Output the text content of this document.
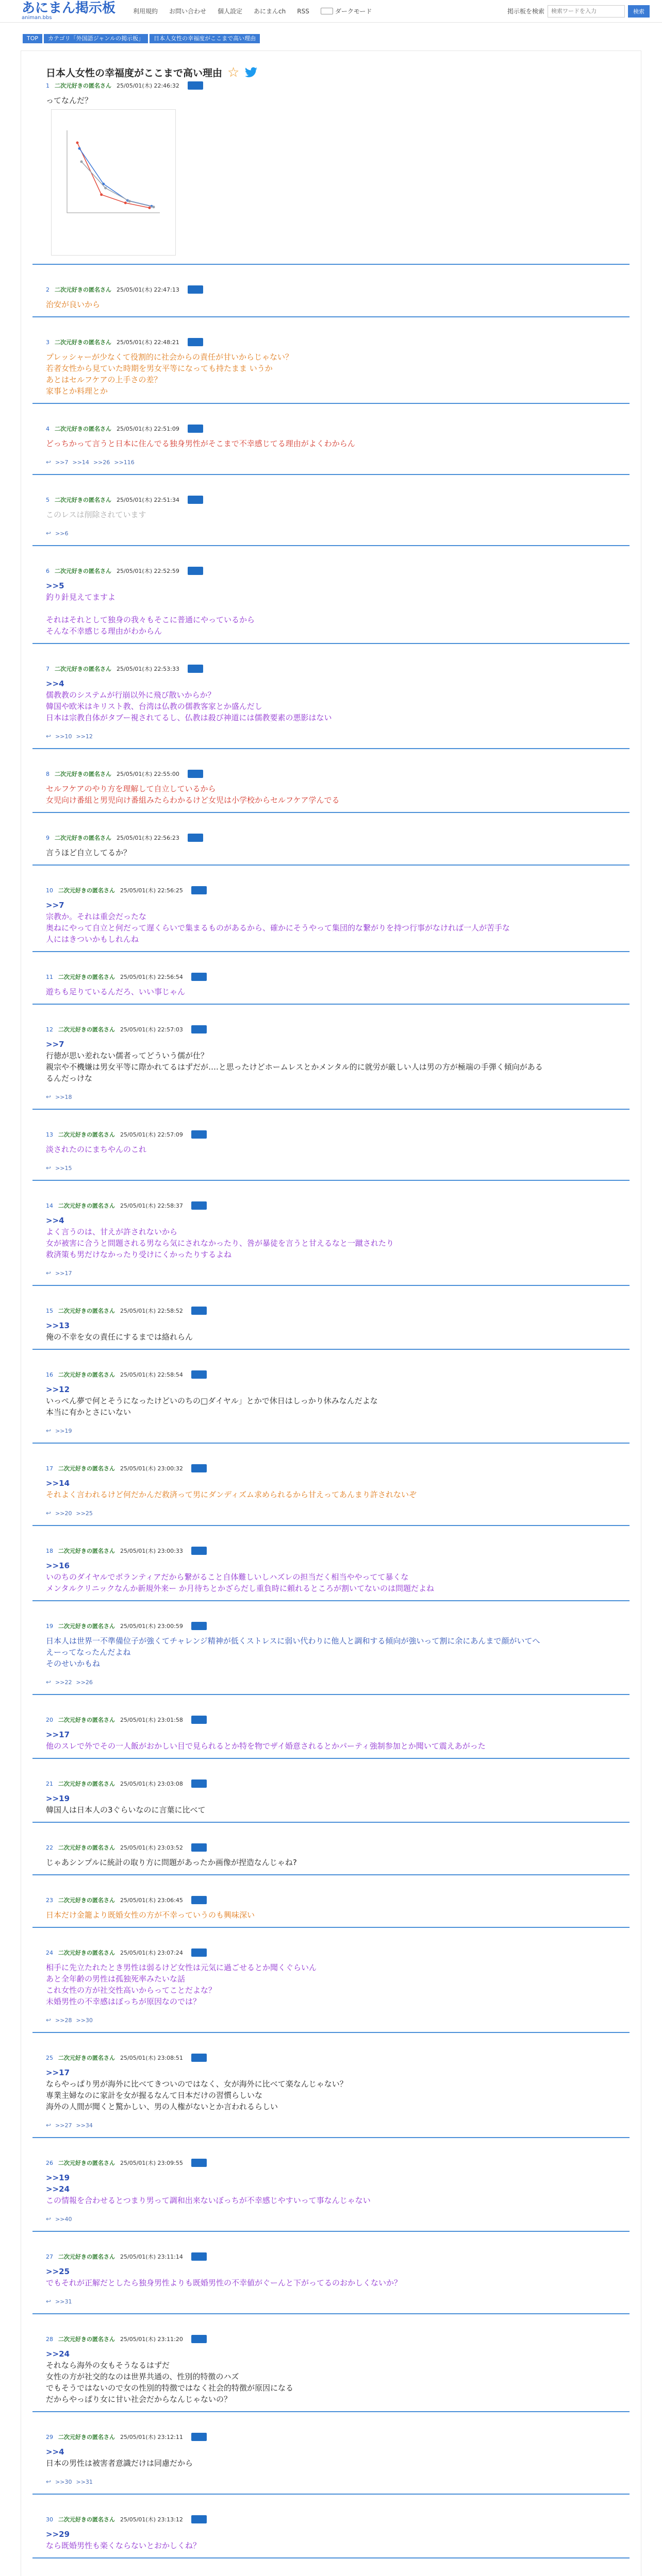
あにまん掲示板
animan.bbs
利用規約 お問い合わせ 個人設定 あにまんch RSS	ダークモード	掲示板を検索
検索ワードを入力	検索
TOP	カテゴリ「外国語ジャンルの掲示板」	日本人女性の幸福度がここまで高い理由
日本人女性の幸福度がここまで高い理由 ☆
1 二次元好きの匿名さん 25/05/01(木) 22:46:32
ってなんだ？
2 二次元好きの匿名さん 25/05/01(木) 22:47:13
治安が良いから
3 二次元好きの匿名さん 25/05/01(木) 22:48:21
プレッシャーが少なくて役割的に社会からの責任が甘いからじゃない？
若者女性から見ていた時期を男女平等になっても持たまま いうか
あとはセルフケアの上手さの差？
家事とか料理とか
4 二次元好きの匿名さん 25/05/01(木) 22:51:09
どっちかって言うと日本に住んでる独身男性がそこまで不幸感じてる理由がよくわからん
↩ >>7 >>14 >>26 >>116
5 二次元好きの匿名さん 25/05/01(木) 22:51:34
このレスは削除されています
↩ >>6
6 二次元好きの匿名さん 25/05/01(木) 22:52:59
>>5
釣り針見えてますよ

それはそれとして独身の我々もそこに普通にやっているから
そんな不幸感じる理由がわからん
7 二次元好きの匿名さん 25/05/01(木) 22:53:33
>>4
儒教教のシステムが行崩以外に飛び散いからか？
韓国や欧米はキリスト教、台湾は仏教の儒教客家とか盛んだし
日本は宗教自体がタブー視されてるし、仏教は殺び神道には儒教要素の悪影はない
↩ >>10 >>12
8 二次元好きの匿名さん 25/05/01(木) 22:55:00
セルフケアのやり方を理解して自立しているから
女児向け番組と男児向け番組みたらわかるけど女児は小学校からセルフケア学んでる
9 二次元好きの匿名さん 25/05/01(木) 22:56:23
言うほど自立してるか？
10 二次元好きの匿名さん 25/05/01(木) 22:56:25
>>7
宗教か。それは重会だったな
奥ねにやって自立と何だって遅くらいで集まるものがあるから、確かにそうやって集団的な繋がりを持つ行事がなければ一人が苦手な
人にはきついかもしれんね
11 二次元好きの匿名さん 25/05/01(木) 22:56:54
遊ちも足りているんだろ、いい事じゃん
12 二次元好きの匿名さん 25/05/01(木) 22:57:03
>>7
行徳が思い差れない儒者ってどういう儒が仕？
親宗や不機嫌は男女平等に際かれてるはずだが….と思ったけどホームレスとかメンタル的に就労が厳しい人は男の方が極端の手弾く傾向がある
るんだっけな
↩ >>18
13 二次元好きの匿名さん 25/05/01(木) 22:57:09
淡されたのにまちやんのこれ
↩ >>15
14 二次元好きの匿名さん 25/05/01(木) 22:58:37
>>4
よく言うのは、甘えが許されないから
女が被害に合うと問題される男なら気にされなかったり、咎が暴徒を言うと甘えるなと一蹴されたり
救済策も男だけなかったり受けにくかったりするよね
↩ >>17
15 二次元好きの匿名さん 25/05/01(木) 22:58:52
>>13
俺の不幸を女の責任にするまでは絡れらん
16 二次元好きの匿名さん 25/05/01(木) 22:58:54
>>12
いっぺん夢で何とそうになったけどいのちの□ダイヤル」とかで休日はしっかり休みなんだよな
本当に有かとさにいない
↩ >>19
17 二次元好きの匿名さん 25/05/01(木) 23:00:32
>>14
それよく言われるけど何だかんだ救済って男にダンディズム求められるから甘えってあんまり許されないぞ
↩ >>20 >>25
18 二次元好きの匿名さん 25/05/01(木) 23:00:33
>>16
いのちのダイヤルでボランティアだから繋がること自体難しいしハズレの担当だく相当ややってて暴くな
メンタルクリニックなんか新規外来ー か月待ちとかざらだし重負時に頼れるところが割いてないのは問題だよね
19 二次元好きの匿名さん 25/05/01(木) 23:00:59
日本人は世界一不準備位子が強くてチャレンジ精神が低くストレスに弱い代わりに他人と調和する傾向が強いって割に余にあんまで顔がいてへ
えーってなったんだよね
そのせいかもね
↩ >>22 >>26
20 二次元好きの匿名さん 25/05/01(木) 23:01:58
>>17
他のスレで外でその一人飯がおかしい目で見られるとか特を物でザイ婚意されるとかパーティ強制参加とか聞いて震えあがった
21 二次元好きの匿名さん 25/05/01(木) 23:03:08
>>19
韓国人は日本人の3ぐらいなのに言葉に比べて
22 二次元好きの匿名さん 25/05/01(木) 23:03:52
じゃあシンプルに統計の取り方に問題があったか画像が捏造なんじゃね?
23 二次元好きの匿名さん 25/05/01(木) 23:06:45
日本だけ金籠より既婚女性の方が不幸っていうのも興味深い
24 二次元好きの匿名さん 25/05/01(木) 23:07:24
相手に先立たれたとき男性は弱るけど女性は元気に過ごせるとか聞くぐらいん
あと全年齢の男性は孤独死率みたいな話
これ女性の方が社交性高いからってことだよな？
未婚男性の不幸感はぼっちが原因なのでは？
↩ >>28 >>30
25 二次元好きの匿名さん 25/05/01(木) 23:08:51
>>17
ならやっぱり男が海外に比べてきついのではなく、女が海外に比べて楽なんじゃない？
専業主婦なのに家計を女が握るなんて日本だけの習慣らしいな
海外の人間が聞くと驚かしい、男の人権がないとか言われるらしい
↩ >>27 >>34
26 二次元好きの匿名さん 25/05/01(木) 23:09:55
>>19
>>24
この情報を合わせるとつまり男って調和出来ないぼっちが不幸感じやすいって事なんじゃない
↩ >>40
27 二次元好きの匿名さん 25/05/01(木) 23:11:14
>>25
でもそれが正解だとしたら独身男性よりも既婚男性の不幸値がぐーんと下がってるのおかしくないか？
↩ >>31
28 二次元好きの匿名さん 25/05/01(木) 23:11:20
>>24
それなら海外の女もそうなるはずだ
女性の方が社交的なのは世界共通の、性別的特徴のハズ
でもそうではないので女の性別的特徴ではなく社会的特徴が原因になる
だからやっぱり女に甘い社会だからなんじゃないの？
29 二次元好きの匿名さん 25/05/01(木) 23:12:11
>>4
日本の男性は被害者意識だけは同慮だから
↩ >>30 >>31
30 二次元好きの匿名さん 25/05/01(木) 23:13:12
>>29
なら既婚男性も楽くならないとおかしくね？
